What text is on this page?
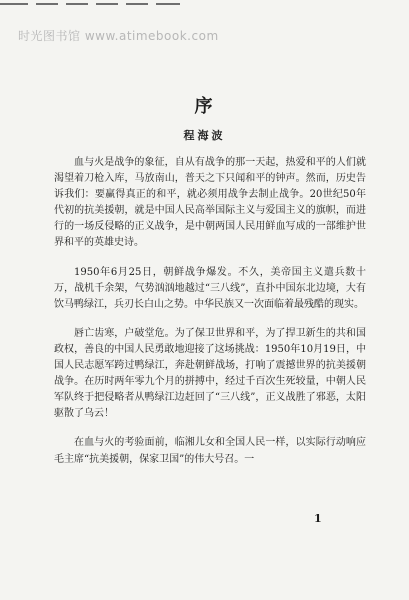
时光图书馆 www.atimebook.com
序
程海波

血与火是战争的象征，自从有战争的那一天起，热爱和平的人们就渴望着刀枪入库，马放南山，普天之下只闻和平的钟声。然而，历史告诉我们：要赢得真正的和平，就必须用战争去制止战争。20世纪50年代初的抗美援朝，就是中国人民高举国际主义与爱国主义的旗帜，而进行的一场反侵略的正义战争，是中朝两国人民用鲜血写成的一部维护世界和平的英雄史诗。

1950年6月25日，朝鲜战争爆发。不久，美帝国主义遣兵数十万，战机千余架，气势汹汹地越过“三八线”，直扑中国东北边境，大有饮马鸭绿江，兵刃长白山之势。中华民族又一次面临着最残酷的现实。

唇亡齿寒，户破堂危。为了保卫世界和平，为了捍卫新生的共和国政权，善良的中国人民勇敢地迎接了这场挑战：1950年10月19日，中国人民志愿军跨过鸭绿江，奔赴朝鲜战场，打响了震撼世界的抗美援朝战争。在历时两年零九个月的拼搏中，经过千百次生死较量，中朝人民军队终于把侵略者从鸭绿江边赶回了“三八线”，正义战胜了邪恶，太阳驱散了乌云！

在血与火的考验面前，临湘儿女和全国人民一样，以实际行动响应毛主席“抗美援朝，保家卫国”的伟大号召。一

1
